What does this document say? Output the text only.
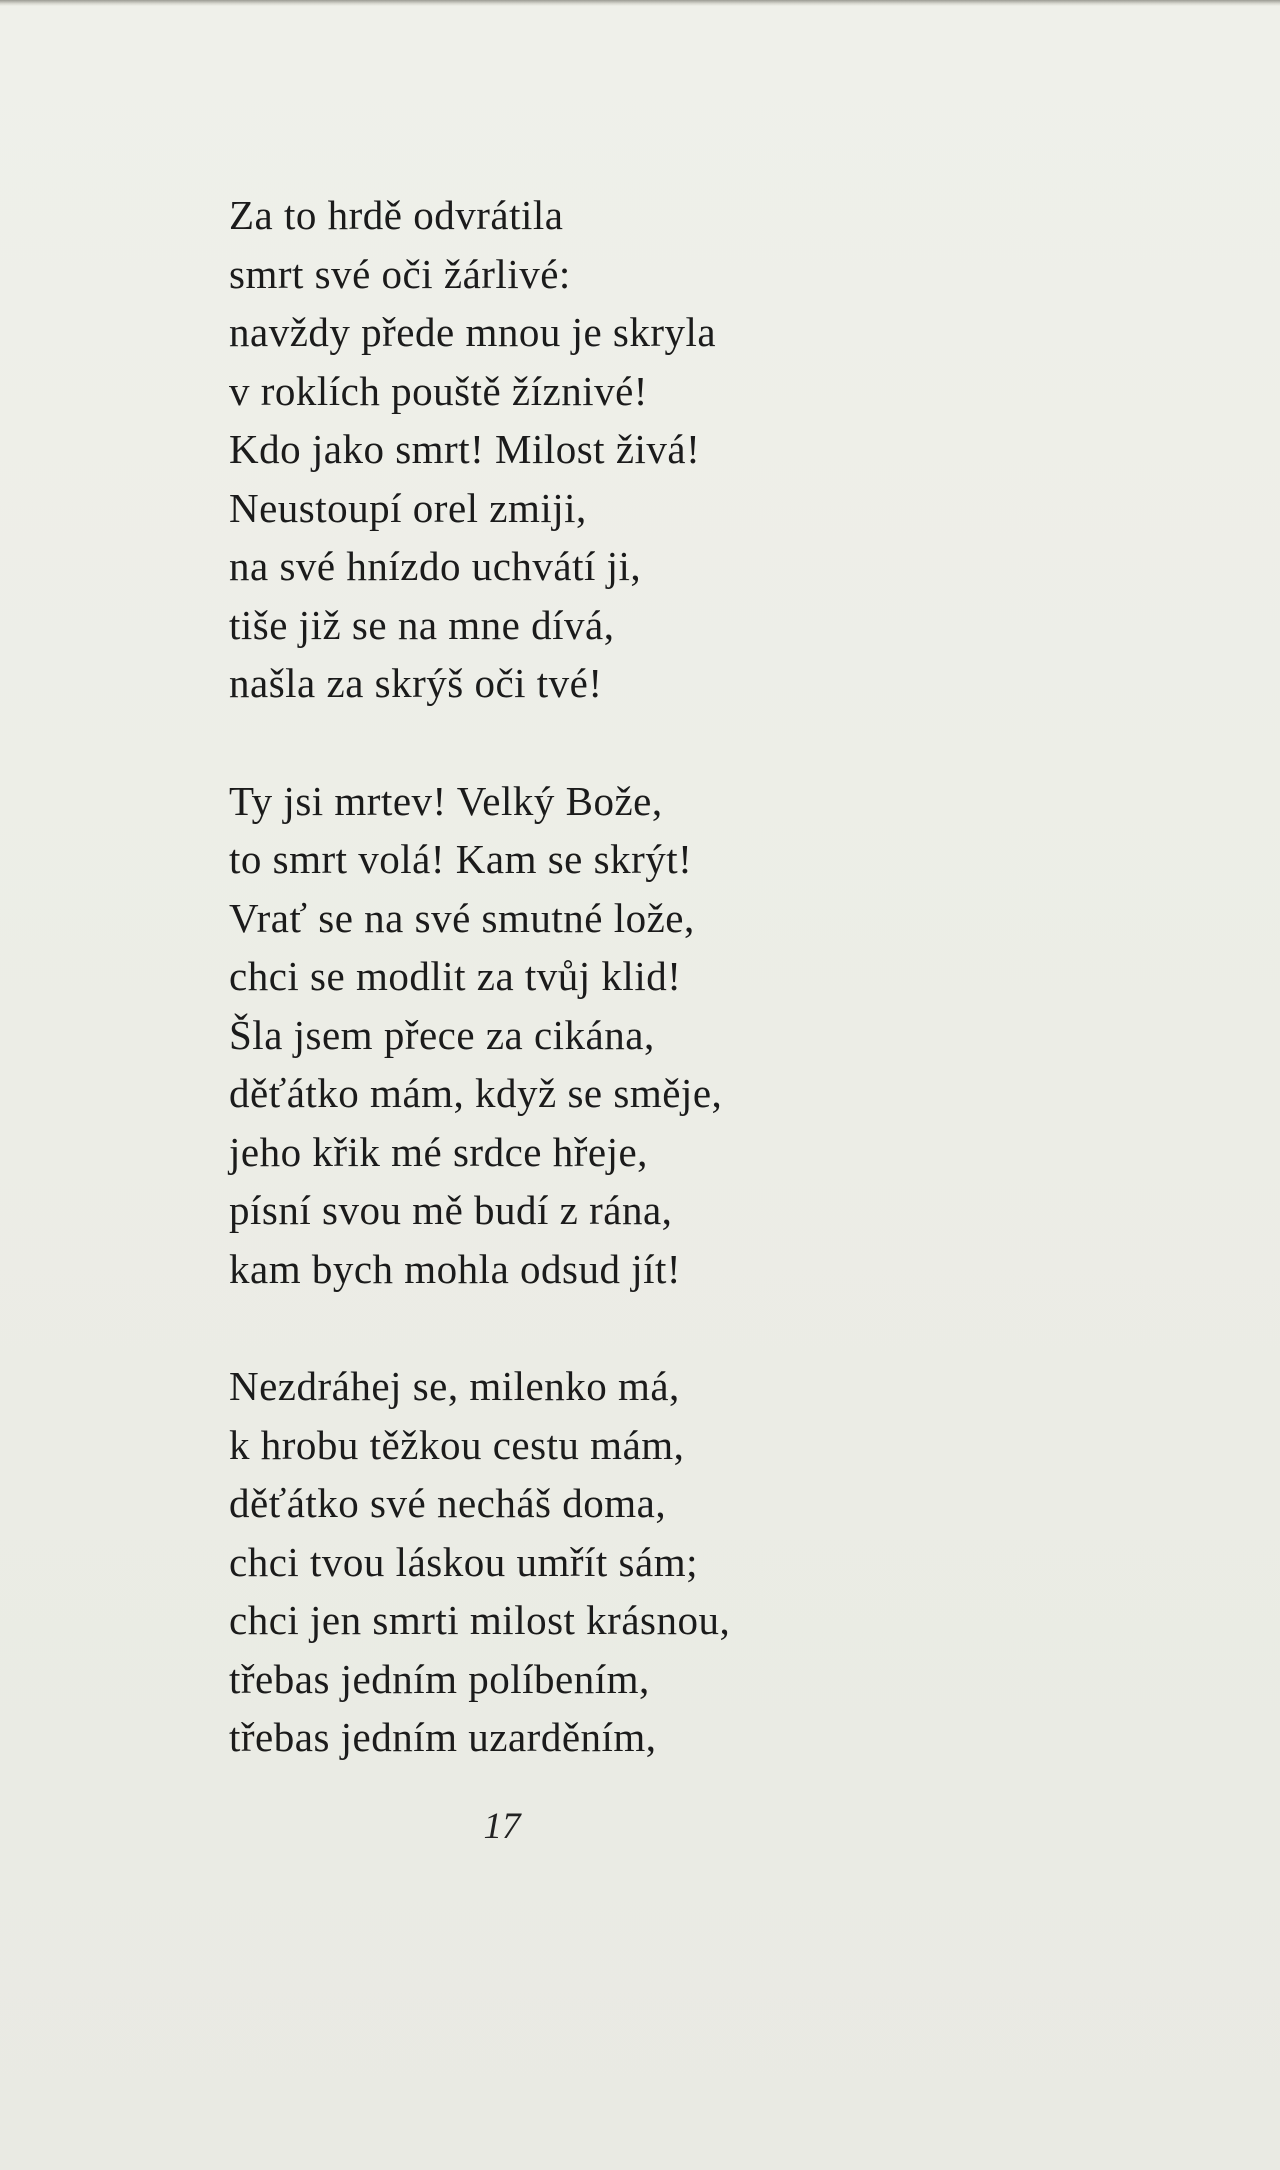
Za to hrdě odvrátila
smrt své oči žárlivé:
navždy přede mnou je skryla
v roklích pouště žíznivé!
Kdo jako smrt! Milost živá!
Neustoupí orel zmiji,
na své hnízdo uchvátí ji,
tiše již se na mne dívá,
našla za skrýš oči tvé!
Ty jsi mrtev! Velký Bože,
to smrt volá! Kam se skrýt!
Vrať se na své smutné lože,
chci se modlit za tvůj klid!
Šla jsem přece za cikána,
děťátko mám, když se směje,
jeho křik mé srdce hřeje,
písní svou mě budí z rána,
kam bych mohla odsud jít!
Nezdráhej se, milenko má,
k hrobu těžkou cestu mám,
děťátko své necháš doma,
chci tvou láskou umřít sám;
chci jen smrti milost krásnou,
třebas jedním políbením,
třebas jedním uzarděním,
17
